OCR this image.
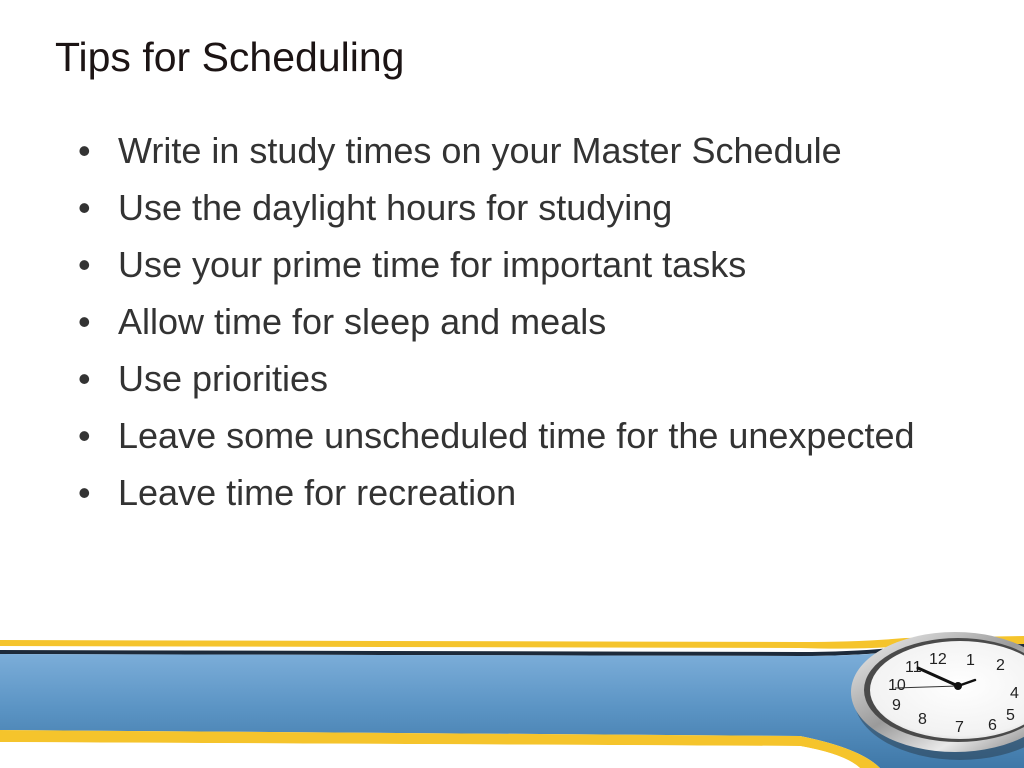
Tips for Scheduling
• Write in study times on your Master Schedule
• Use the daylight hours for studying
• Use your prime time for important tasks
• Allow time for sleep and meals
• Use priorities
• Leave some unscheduled time for the unexpected
• Leave time for recreation
10
11 12 1 2
4
5
6
7
8
9
